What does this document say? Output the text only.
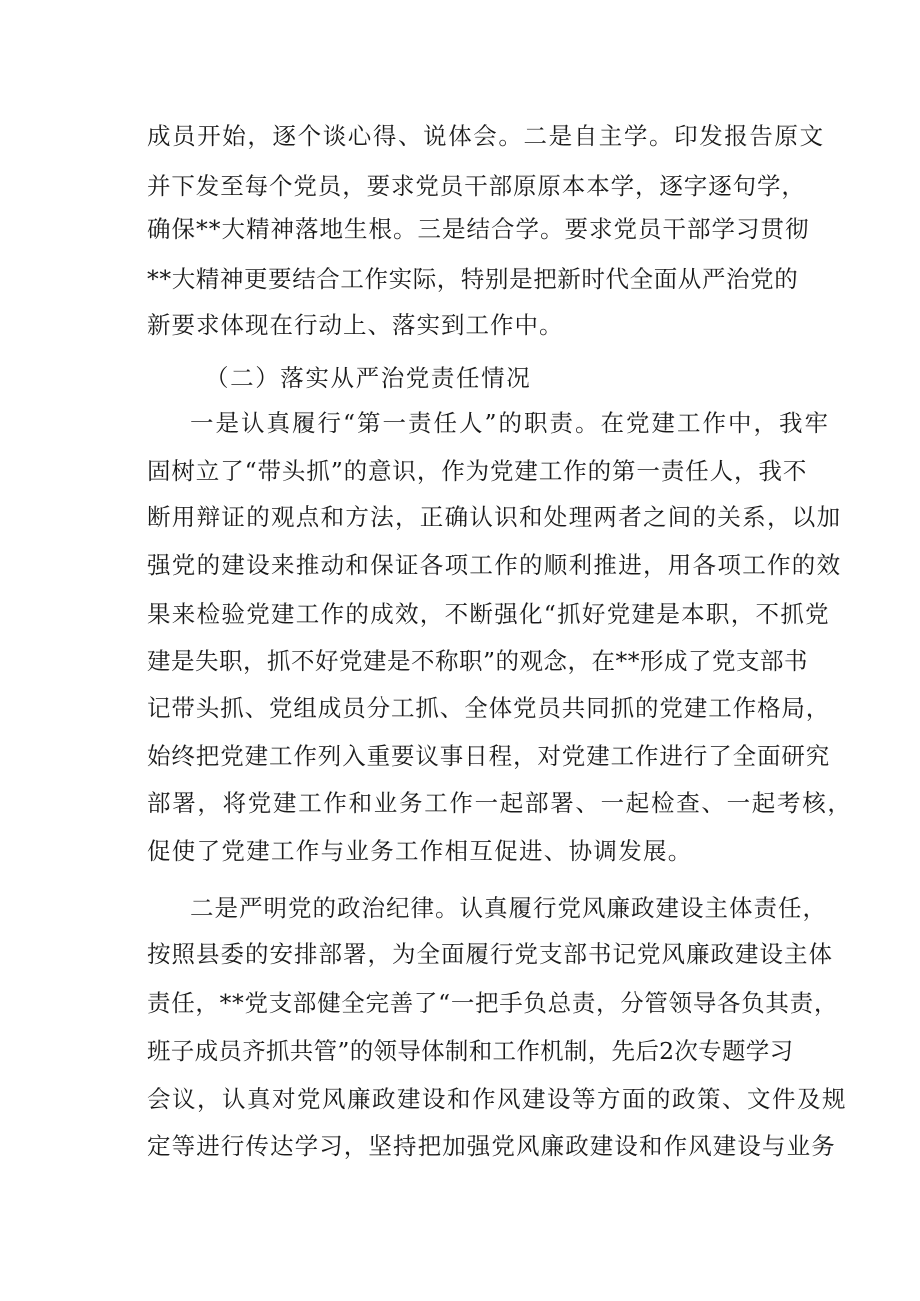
成员开始，逐个谈心得、说体会。二是自主学。印发报告原文
并下发至每个党员，要求党员干部原原本本学，逐字逐句学，
确保**大精神落地生根。三是结合学。要求党员干部学习贯彻
**大精神更要结合工作实际，特别是把新时代全面从严治党的
新要求体现在行动上、落实到工作中。
（二）落实从严治党责任情况
一是认真履行“第一责任人”的职责。在党建工作中，我牢
固树立了“带头抓”的意识，作为党建工作的第一责任人，我不
断用辩证的观点和方法，正确认识和处理两者之间的关系，以加
强党的建设来推动和保证各项工作的顺利推进，用各项工作的效
果来检验党建工作的成效，不断强化“抓好党建是本职，不抓党
建是失职，抓不好党建是不称职”的观念，在**形成了党支部书
记带头抓、党组成员分工抓、全体党员共同抓的党建工作格局，
始终把党建工作列入重要议事日程，对党建工作进行了全面研究
部署，将党建工作和业务工作一起部署、一起检查、一起考核，
促使了党建工作与业务工作相互促进、协调发展。
二是严明党的政治纪律。认真履行党风廉政建设主体责任，
按照县委的安排部署，为全面履行党支部书记党风廉政建设主体
责任，**党支部健全完善了“一把手负总责，分管领导各负其责，
班子成员齐抓共管”的领导体制和工作机制，先后2次专题学习
会议，认真对党风廉政建设和作风建设等方面的政策、文件及规
定等进行传达学习，坚持把加强党风廉政建设和作风建设与业务
